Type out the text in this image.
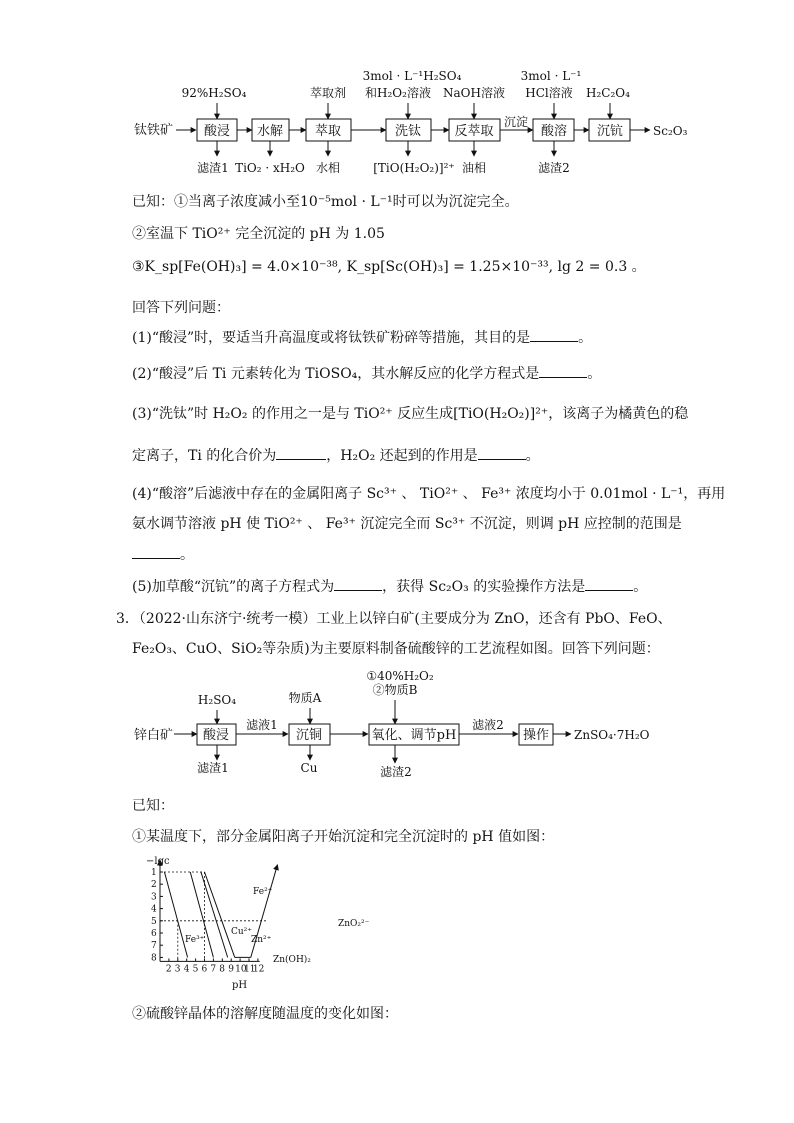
钛铁矿 酸浸 水解 萃取	洗钛	反萃取	酸溶 沉钪 Sc₂O₃
92%H₂SO₄	萃取剂
3mol · L⁻¹H₂SO₄
和H₂O₂溶液 NaOH溶液
3mol · L⁻¹
HCl溶液 H₂C₂O₄
沉淀
滤渣1 TiO₂ · xH₂O 水相	[TiO(H₂O₂)]²⁺ 油相	滤渣2
已知：①当离子浓度减小至10⁻⁵mol · L⁻¹时可以为沉淀完全。
②室温下 TiO²⁺ 完全沉淀的 pH 为 1.05
③K_sp[Fe(OH)₃] = 4.0×10⁻³⁸, K_sp[Sc(OH)₃] = 1.25×10⁻³³, lg 2 = 0.3 。
回答下列问题：
(1)“酸浸”时，要适当升高温度或将钛铁矿粉碎等措施，其目的是	。
(2)“酸浸”后 Ti 元素转化为 TiOSO₄，其水解反应的化学方程式是	。
(3)“洗钛”时 H₂O₂ 的作用之一是与 TiO²⁺ 反应生成[TiO(H₂O₂)]²⁺，该离子为橘黄色的稳
定离子，Ti 的化合价为	，H₂O₂ 还起到的作用是	。
(4)“酸溶”后滤液中存在的金属阳离子 Sc³⁺ 、 TiO²⁺ 、 Fe³⁺ 浓度均小于 0.01mol · L⁻¹，再用
氨水调节溶液 pH 使 TiO²⁺ 、 Fe³⁺ 沉淀完全而 Sc³⁺ 不沉淀，则调 pH 应控制的范围是
。
(5)加草酸“沉钪”的离子方程式为	，获得 Sc₂O₃ 的实验操作方法是	。
3．（2022·山东济宁·统考一模）工业上以锌白矿(主要成分为 ZnO，还含有 PbO、FeO、
Fe₂O₃、CuO、SiO₂等杂质)为主要原料制备硫酸锌的工艺流程如图。回答下列问题：
锌白矿 酸浸	沉铜	氧化、调节pH	操作 ZnSO₄·7H₂O
H₂SO₄	物质A
①40%H₂O₂
②物质B
滤液1	滤液2
滤渣1	Cu	滤渣2
已知：
①某温度下，部分金属阳离子开始沉淀和完全沉淀时的 pH 值如图：
−lgc
pH
1
2
3
4
5
6
7
8
2 3 4 5 6 7 8 9 10
11
12
Fe³⁺
Cu²⁺
Fe²⁺
Zn²⁺
Zn(OH)₂
ZnO₂²⁻
②硫酸锌晶体的溶解度随温度的变化如图：
